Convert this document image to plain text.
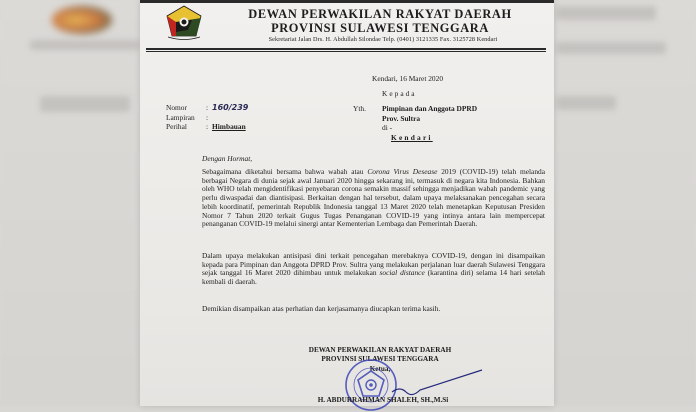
DEWAN PERWAKILAN RAKYAT DAERAH
PROVINSI SULAWESI TENGGARA
Sekretariat Jalan Drs. H. Abdullah Silondae Telp. (0401) 3121335 Fax. 3125728 Kendari
Kendari, 16 Maret 2020
Kepada
Yth. Pimpinan dan Anggota DPRD
Prov. Sultra
di -
Kendari
Nomor	: 160/239
Lampiran	:
Perihal	: Himbauan
Dengan Hormat,

Sebagaimana diketahui bersama bahwa wabah atau Corona Virus Desease 2019 (COVID-19) telah melanda berbagai Negara di dunia sejak awal Januari 2020 hingga sekarang ini, termasuk di negara kita Indonesia. Bahkan oleh WHO telah mengidentifikasi penyebaran corona semakin massif sehingga menjadikan wabah pandemic yang perlu diwaspadai dan diantisipasi. Berkaitan dengan hal tersebut, dalam upaya melaksanakan pencegahan secara lebih koordinatif, pemerintah Republik Indonesia tanggal 13 Maret 2020 telah menetapkan Keputusan Presiden Nomor 7 Tahun 2020 terkait Gugus Tugas Penanganan COVID-19 yang intinya antara lain mempercepat penanganan COVID-19 melalui sinergi antar Kementerian Lembaga dan Pemerintah Daerah.

Dalam upaya melakukan antisipasi dini terkait pencegahan merebaknya COVID-19, dengan ini disampaikan kepada para Pimpinan dan Anggota DPRD Prov. Sultra yang melakukan perjalanan luar daerah Sulawesi Tenggara sejak tanggal 16 Maret 2020 dihimbau untuk melakukan social distance (karantina diri) selama 14 hari setelah kembali di daerah.

Demikian disampaikan atas perhatian dan kerjasamanya diucapkan terima kasih.

DEWAN PERWAKILAN RAKYAT DAERAH
PROVINSI SULAWESI TENGGARA
Ketua,
H. ABDURRAHMAN SHALEH, SH.,M.Si
